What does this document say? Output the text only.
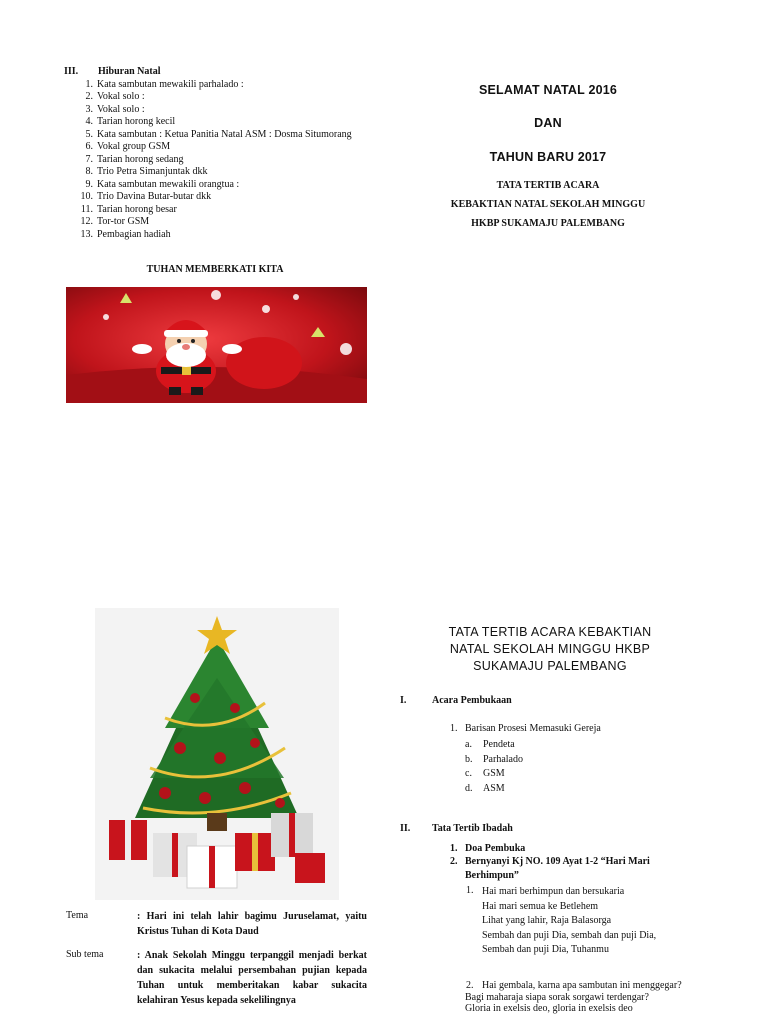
III.	Hiburan Natal
1. Kata sambutan mewakili parhalado :
2. Vokal solo :
3. Vokal solo :
4. Tarian horong kecil
5. Kata sambutan : Ketua Panitia Natal ASM : Dosma Situmorang
6. Vokal group GSM
7. Tarian horong sedang
8. Trio Petra Simanjuntak dkk
9. Kata sambutan mewakili orangtua :
10. Trio Davina Butar-butar dkk
11. Tarian horong besar
12. Tor-tor GSM
13. Pembagian hadiah
TUHAN MEMBERKATI KITA
SELAMAT NATAL 2016
DAN
TAHUN BARU 2017
TATA TERTIB ACARA
KEBAKTIAN NATAL SEKOLAH MINGGU
HKBP SUKAMAJU PALEMBANG
Tema	: Hari ini telah lahir bagimu Juruselamat, yaitu Kristus Tuhan di Kota Daud
Sub tema	: Anak Sekolah Minggu terpanggil menjadi berkat dan sukacita melalui persembahan pujian kepada Tuhan untuk memberitakan kabar sukacita kelahiran Yesus kepada sekelilingnya
TATA TERTIB ACARA KEBAKTIAN
NATAL SEKOLAH MINGGU HKBP
SUKAMAJU PALEMBANG
I.	Acara Pembukaan
1. Barisan Prosesi Memasuki Gereja
a.	Pendeta
b.	Parhalado
c.	GSM
d.	ASM
II. Tata Tertib Ibadah
1. Doa Pembuka
2. Bernyanyi Kj NO. 109 Ayat 1-2 “Hari Mari
Berhimpun”
1. Hai mari berhimpun dan bersukaria
Hai mari semua ke Betlehem
Lihat yang lahir, Raja Balasorga
Sembah dan puji Dia, sembah dan puji Dia,
Sembah dan puji Dia, Tuhanmu
2. Hai gembala, karna apa sambutan ini menggegar?
Bagi maharaja siapa sorak sorgawi terdengar?
Gloria in exelsis deo, gloria in exelsis deo
